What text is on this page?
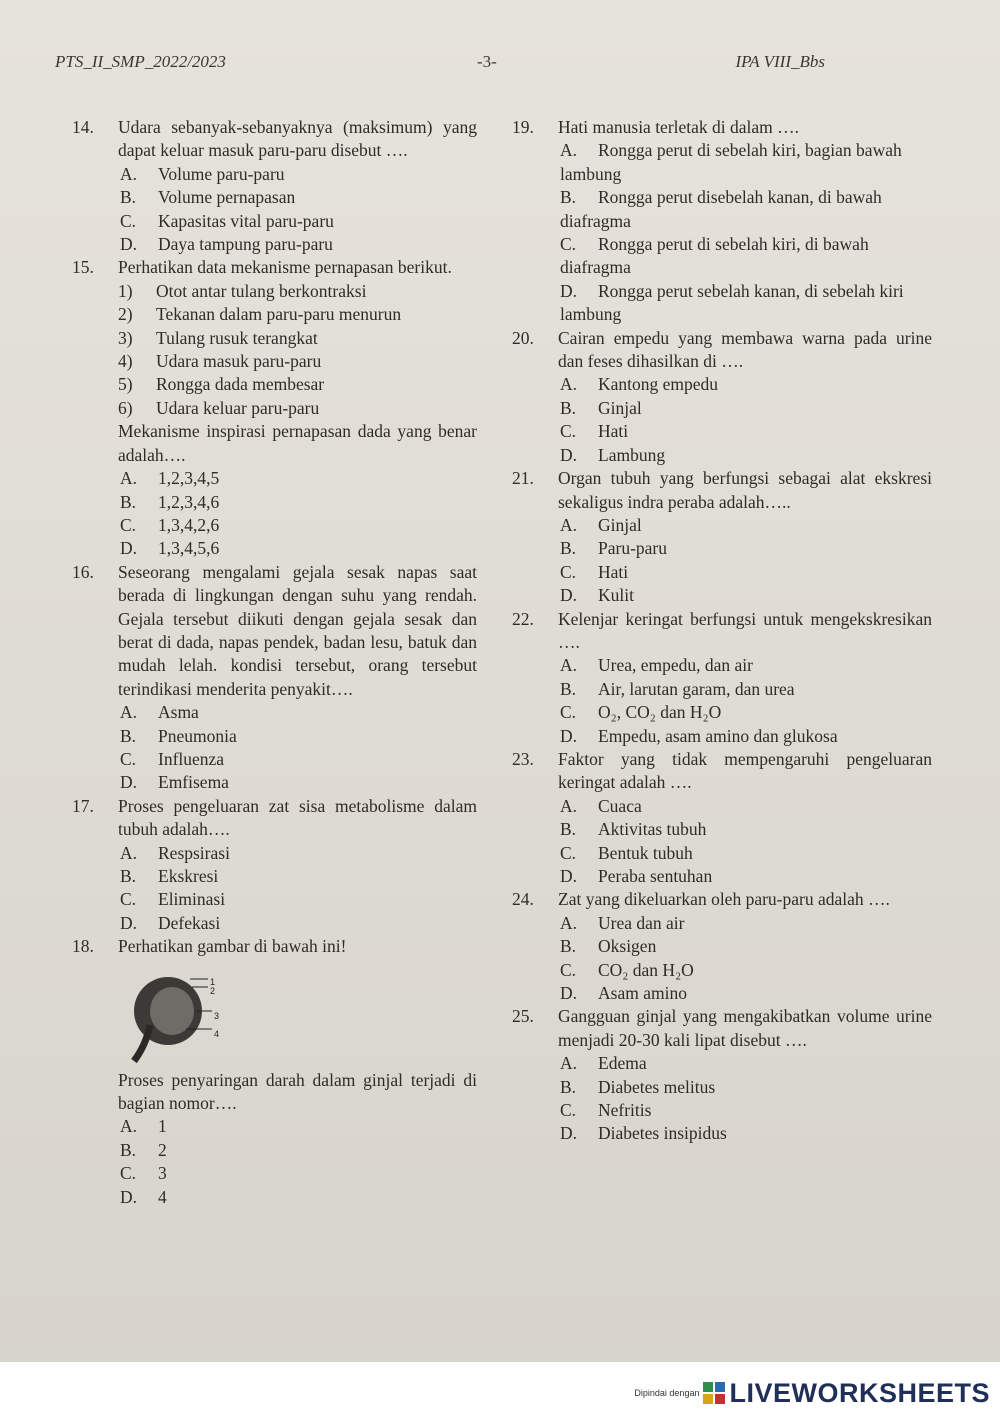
PTS_II_SMP_2022/2023	-3-	IPA VIII_Bbs
14. Udara sebanyak-sebanyaknya (maksimum) yang dapat keluar masuk paru-paru disebut ….
A. Volume paru-paru
B. Volume pernapasan
C. Kapasitas vital paru-paru
D. Daya tampung paru-paru
15. Perhatikan data mekanisme pernapasan berikut.
1) Otot antar tulang berkontraksi
2) Tekanan dalam paru-paru menurun
3) Tulang rusuk terangkat
4) Udara masuk paru-paru
5) Rongga dada membesar
6) Udara keluar paru-paru
Mekanisme inspirasi pernapasan dada yang benar adalah….
A. 1,2,3,4,5
B. 1,2,3,4,6
C. 1,3,4,2,6
D. 1,3,4,5,6
16. Seseorang mengalami gejala sesak napas saat berada di lingkungan dengan suhu yang rendah. Gejala tersebut diikuti dengan gejala sesak dan berat di dada, napas pendek, badan lesu, batuk dan mudah lelah. kondisi tersebut, orang tersebut terindikasi menderita penyakit….
A. Asma
B. Pneumonia
C. Influenza
D. Emfisema
17. Proses pengeluaran zat sisa metabolisme dalam tubuh adalah….
A. Respsirasi
B. Ekskresi
C. Eliminasi
D. Defekasi
18. Perhatikan gambar di bawah ini!
1
2
3
4
Proses penyaringan darah dalam ginjal terjadi di bagian nomor….
A. 1
B. 2
C. 3
D. 4
19. Hati manusia terletak di dalam ….
A. Rongga perut di sebelah kiri, bagian bawah lambung
B. Rongga perut disebelah kanan, di bawah diafragma
C. Rongga perut di sebelah kiri, di bawah diafragma
D. Rongga perut sebelah kanan, di sebelah kiri lambung
20. Cairan empedu yang membawa warna pada urine dan feses dihasilkan di ….
A. Kantong empedu
B. Ginjal
C. Hati
D. Lambung
21. Organ tubuh yang berfungsi sebagai alat ekskresi sekaligus indra peraba adalah…..
A. Ginjal
B. Paru-paru
C. Hati
D. Kulit
22. Kelenjar keringat berfungsi untuk mengekskresikan ….
A. Urea, empedu, dan air
B. Air, larutan garam, dan urea
C. O₂, CO₂ dan H₂O
D. Empedu, asam amino dan glukosa
23. Faktor yang tidak mempengaruhi pengeluaran keringat adalah ….
A. Cuaca
B. Aktivitas tubuh
C. Bentuk tubuh
D. Peraba sentuhan
24. Zat yang dikeluarkan oleh paru-paru adalah ….
A. Urea dan air
B. Oksigen
C. CO₂ dan H₂O
D. Asam amino
25. Gangguan ginjal yang mengakibatkan volume urine menjadi 20-30 kali lipat disebut ….
A. Edema
B. Diabetes melitus
C. Nefritis
D. Diabetes insipidus
Dipindai dengan LIVEWORKSHEETS
